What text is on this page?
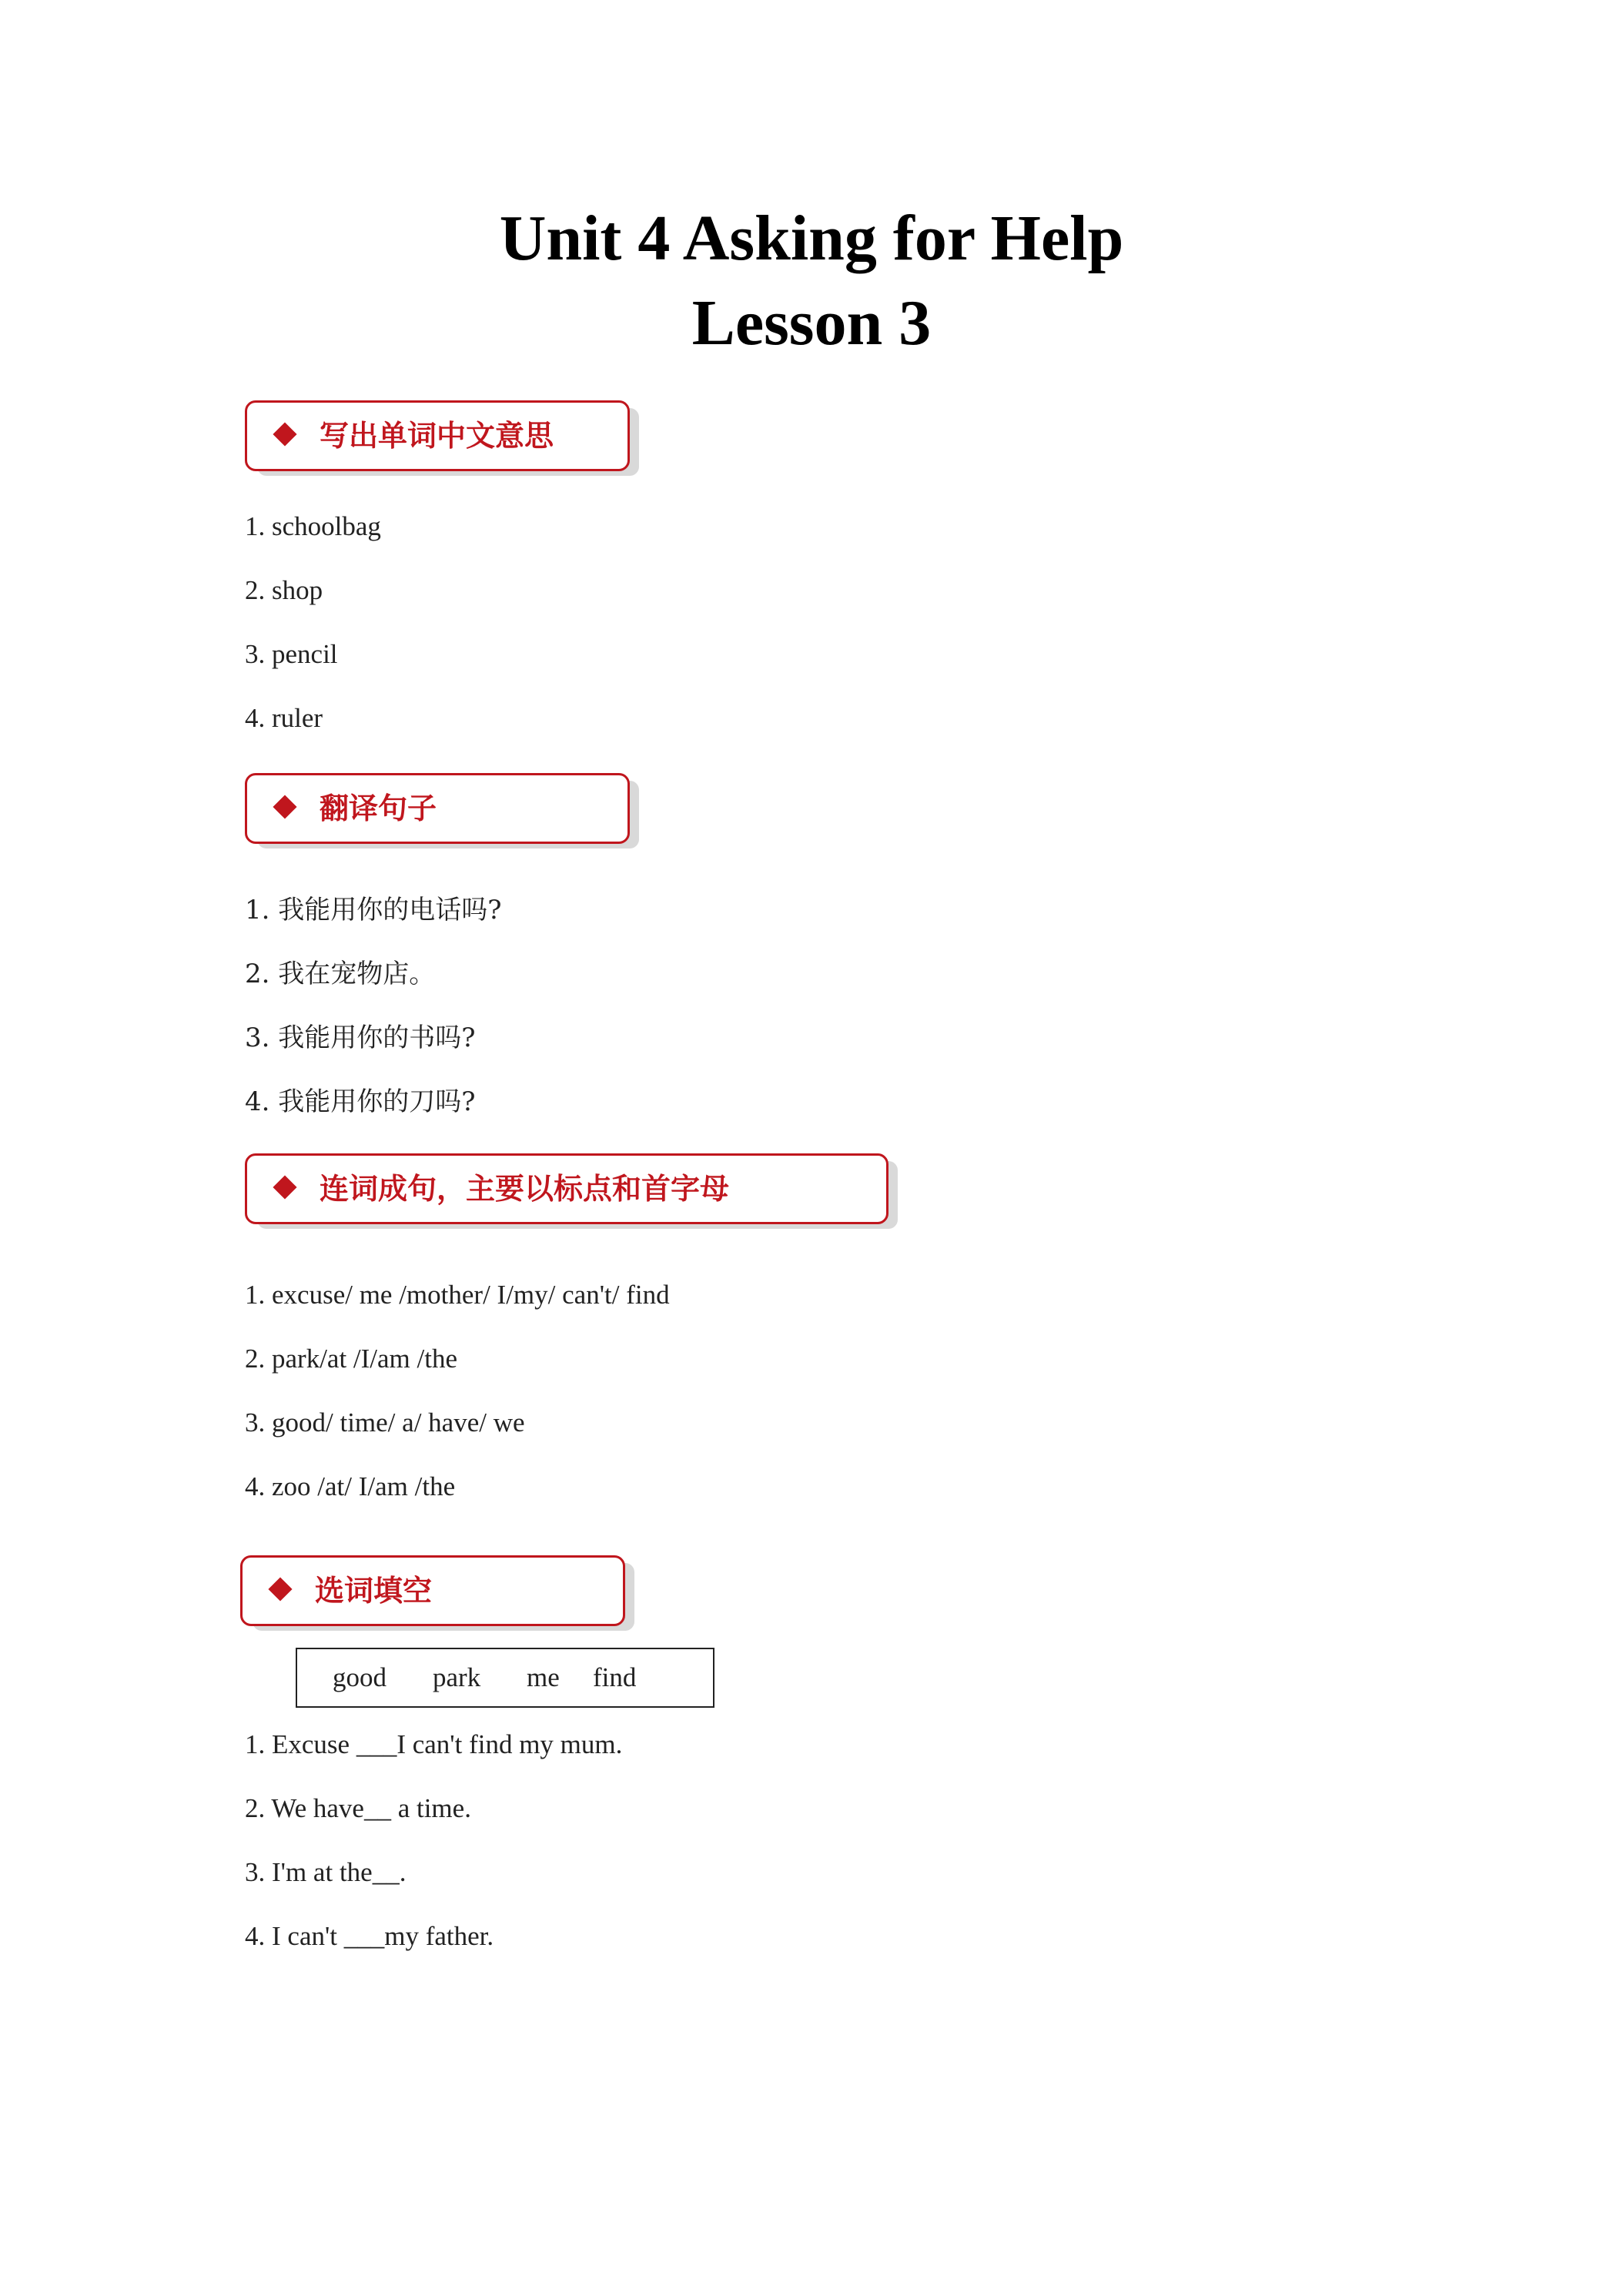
Unit 4 Asking for Help
Lesson 3
写出单词中文意思
1. schoolbag
2. shop
3. pencil
4. ruler
翻译句子
1. 我能用你的电话吗?
2. 我在宠物店。
3. 我能用你的书吗?
4. 我能用你的刀吗?
连词成句，主要以标点和首字母
1. excuse/ me /mother/ I/my/ can't/ find
2. park/at /I/am /the
3. good/ time/ a/ have/ we
4. zoo /at/ I/am /the
选词填空
good park me find
1. Excuse ___I can't find my mum.
2. We have__ a time.
3. I'm at the__.
4. I can't ___my father.
